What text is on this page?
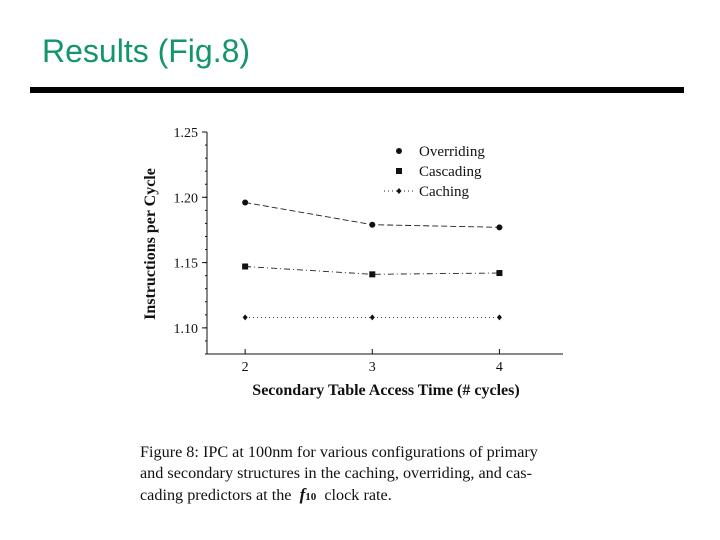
Results (Fig.8)
1.10
1.15
1.20
1.25
2	3	4
Instructions per Cycle
Secondary Table Access Time (# cycles)
Overriding
Cascading
Caching
Figure 8: IPC at 100nm for various configurations of primary
and secondary structures in the caching, overriding, and cas-
cading predictors at the f10 clock rate.
